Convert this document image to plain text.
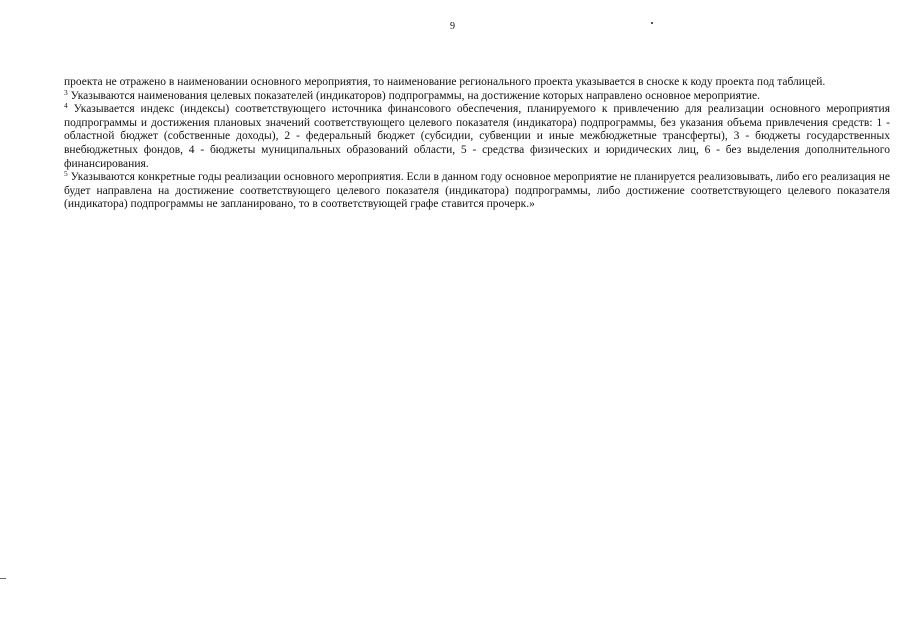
9

проекта не отражено в наименовании основного мероприятия, то наименование регионального проекта указывается в сноске к коду проекта под таблицей.

$^3$ Указываются наименования целевых показателей (индикаторов) подпрограммы, на достижение которых направлено основное мероприятие.

$^4$ Указывается индекс (индексы) соответствующего источника финансового обеспечения, планируемого к привлечению для реализации основного мероприятия подпрограммы и достижения плановых значений соответствующего целевого показателя (индикатора) подпрограммы, без указания объема привлечения средств: 1 - областной бюджет (собственные доходы), 2 - федеральный бюджет (субсидии, субвенции и иные межбюджетные трансферты), 3 - бюджеты государственных внебюджетных фондов, 4 - бюджеты муниципальных образований области, 5 - средства физических и юридических лиц, 6 - без выделения дополнительного финансирования.

$^5$ Указываются конкретные годы реализации основного мероприятия. Если в данном году основное мероприятие не планируется реализовывать, либо его реализация не будет направлена на достижение соответствующего целевого показателя (индикатора) подпрограммы, либо достижение соответствующего целевого показателя (индикатора) подпрограммы не запланировано, то в соответствующей графе ставится прочерк.»
